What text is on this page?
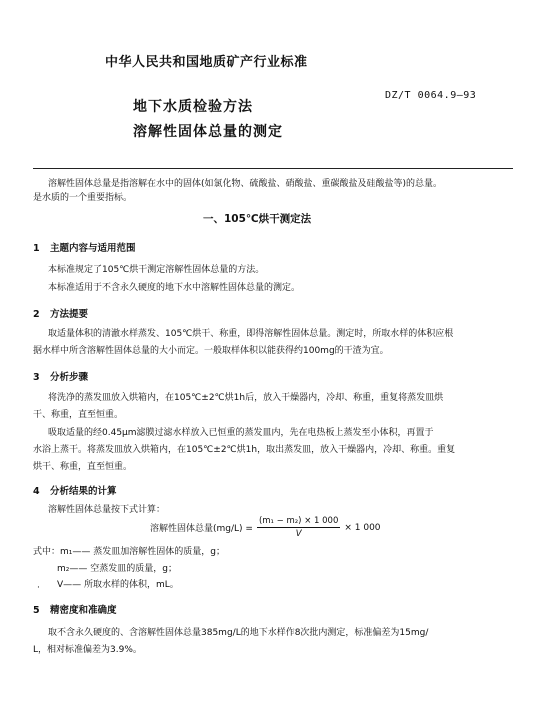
中华人民共和国地质矿产行业标准
地下水质检验方法
溶解性固体总量的测定
DZ/T 0064.9—93
溶解性固体总量是指溶解在水中的固体(如氯化物、硫酸盐、硝酸盐、重碳酸盐及硅酸盐等)的总量。
是水质的一个重要指标。
一、105℃烘干测定法
1 主题内容与适用范围
本标准规定了105℃烘干测定溶解性固体总量的方法。
本标准适用于不含永久硬度的地下水中溶解性固体总量的测定。
2 方法提要
取适量体积的清澈水样蒸发、105℃烘干、称重，即得溶解性固体总量。测定时，所取水样的体积应根
据水样中所含溶解性固体总量的大小而定。一般取样体积以能获得约100mg的干渣为宜。
3 分析步骤
将洗净的蒸发皿放入烘箱内，在105℃±2℃烘1h后，放入干燥器内，冷却、称重，重复将蒸发皿烘
干、称重，直至恒重。
吸取适量的经0.45μm滤膜过滤水样放入已恒重的蒸发皿内，先在电热板上蒸发至小体积，再置于
水浴上蒸干。将蒸发皿放入烘箱内，在105℃±2℃烘1h，取出蒸发皿，放入干燥器内，冷却、称重。重复
烘干、称重，直至恒重。
4 分析结果的计算
溶解性固体总量按下式计算：
溶解性固体总量$(mg/L) = \frac{\text{(m₁ − m₂) × 1 000}}{V} \times 1$ 000
式中：m₁—— 蒸发皿加溶解性固体的质量，g；
m₂—— 空蒸发皿的质量，g；
· V—— 所取水样的体积，mL。
5 精密度和准确度
取不含永久硬度的、含溶解性固体总量385mg/L的地下水样作8次批内测定，标准偏差为15mg/
L，相对标准偏差为3.9%。
